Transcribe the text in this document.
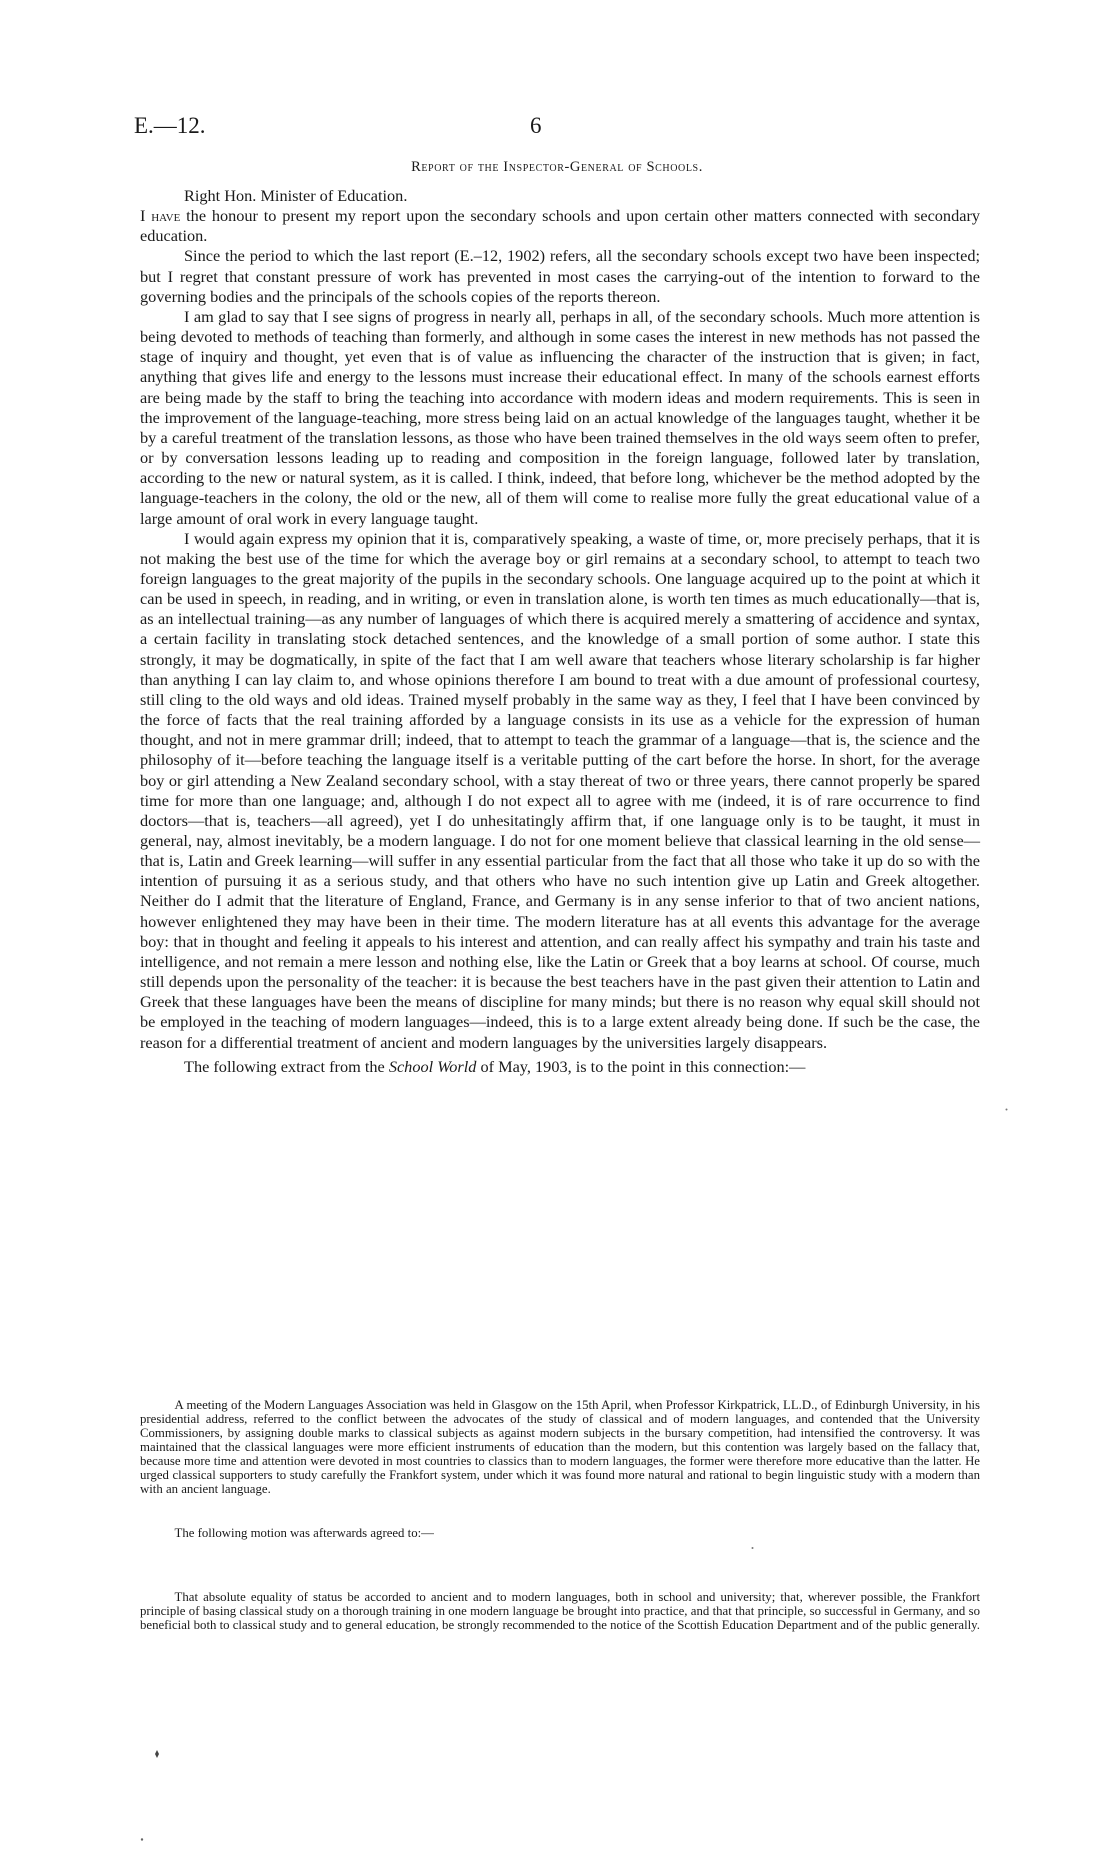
E.—12.	6
Report of the Inspector-General of Schools.

Right Hon. Minister of Education.

I have the honour to present my report upon the secondary schools and upon certain other matters connected with secondary education.

Since the period to which the last report (E.–12, 1902) refers, all the secondary schools except two have been inspected; but I regret that constant pressure of work has prevented in most cases the carrying-out of the intention to forward to the governing bodies and the principals of the schools copies of the reports thereon.

I am glad to say that I see signs of progress in nearly all, perhaps in all, of the secondary schools. Much more attention is being devoted to methods of teaching than formerly, and although in some cases the interest in new methods has not passed the stage of inquiry and thought, yet even that is of value as influencing the character of the instruction that is given; in fact, anything that gives life and energy to the lessons must increase their educational effect. In many of the schools earnest efforts are being made by the staff to bring the teaching into accordance with modern ideas and modern requirements. This is seen in the improvement of the language-teaching, more stress being laid on an actual knowledge of the languages taught, whether it be by a careful treatment of the translation lessons, as those who have been trained themselves in the old ways seem often to prefer, or by conversation lessons leading up to reading and composition in the foreign language, followed later by translation, according to the new or natural system, as it is called. I think, indeed, that before long, whichever be the method adopted by the language-teachers in the colony, the old or the new, all of them will come to realise more fully the great educational value of a large amount of oral work in every language taught.

I would again express my opinion that it is, comparatively speaking, a waste of time, or, more precisely perhaps, that it is not making the best use of the time for which the average boy or girl remains at a secondary school, to attempt to teach two foreign languages to the great majority of the pupils in the secondary schools. One language acquired up to the point at which it can be used in speech, in reading, and in writing, or even in translation alone, is worth ten times as much educationally—that is, as an intellectual training—as any number of languages of which there is acquired merely a smattering of accidence and syntax, a certain facility in translating stock detached sentences, and the knowledge of a small portion of some author. I state this strongly, it may be dogmatically, in spite of the fact that I am well aware that teachers whose literary scholarship is far higher than anything I can lay claim to, and whose opinions therefore I am bound to treat with a due amount of professional courtesy, still cling to the old ways and old ideas. Trained myself probably in the same way as they, I feel that I have been convinced by the force of facts that the real training afforded by a language consists in its use as a vehicle for the expression of human thought, and not in mere grammar drill; indeed, that to attempt to teach the grammar of a language—that is, the science and the philosophy of it—before teaching the language itself is a veritable putting of the cart before the horse. In short, for the average boy or girl attending a New Zealand secondary school, with a stay thereat of two or three years, there cannot properly be spared time for more than one language; and, although I do not expect all to agree with me (indeed, it is of rare occurrence to find doctors—that is, teachers—all agreed), yet I do unhesitatingly affirm that, if one language only is to be taught, it must in general, nay, almost inevitably, be a modern language. I do not for one moment believe that classical learning in the old sense—that is, Latin and Greek learning—will suffer in any essential particular from the fact that all those who take it up do so with the intention of pursuing it as a serious study, and that others who have no such intention give up Latin and Greek altogether. Neither do I admit that the literature of England, France, and Germany is in any sense inferior to that of two ancient nations, however enlightened they may have been in their time. The modern literature has at all events this advantage for the average boy: that in thought and feeling it appeals to his interest and attention, and can really affect his sympathy and train his taste and intelligence, and not remain a mere lesson and nothing else, like the Latin or Greek that a boy learns at school. Of course, much still depends upon the personality of the teacher: it is because the best teachers have in the past given their attention to Latin and Greek that these languages have been the means of discipline for many minds; but there is no reason why equal skill should not be employed in the teaching of modern languages—indeed, this is to a large extent already being done. If such be the case, the reason for a differential treatment of ancient and modern languages by the universities largely disappears.

The following extract from the School World of May, 1903, is to the point in this connection:—

A meeting of the Modern Languages Association was held in Glasgow on the 15th April, when Professor Kirkpatrick, LL.D., of Edinburgh University, in his presidential address, referred to the conflict between the advocates of the study of classical and of modern languages, and contended that the University Commissioners, by assigning double marks to classical subjects as against modern subjects in the bursary competition, had intensified the controversy. It was maintained that the classical languages were more efficient instruments of education than the modern, but this contention was largely based on the fallacy that, because more time and attention were devoted in most countries to classics than to modern languages, the former were therefore more educative than the latter. He urged classical supporters to study carefully the Frankfort system, under which it was found more natural and rational to begin linguistic study with a modern than with an ancient language.

The following motion was afterwards agreed to:—

That absolute equality of status be accorded to ancient and to modern languages, both in school and university; that, wherever possible, the Frankfort principle of basing classical study on a thorough training in one modern language be brought into practice, and that that principle, so successful in Germany, and so beneficial both to classical study and to general education, be strongly recommended to the notice of the Scottish Education Department and of the public generally.
